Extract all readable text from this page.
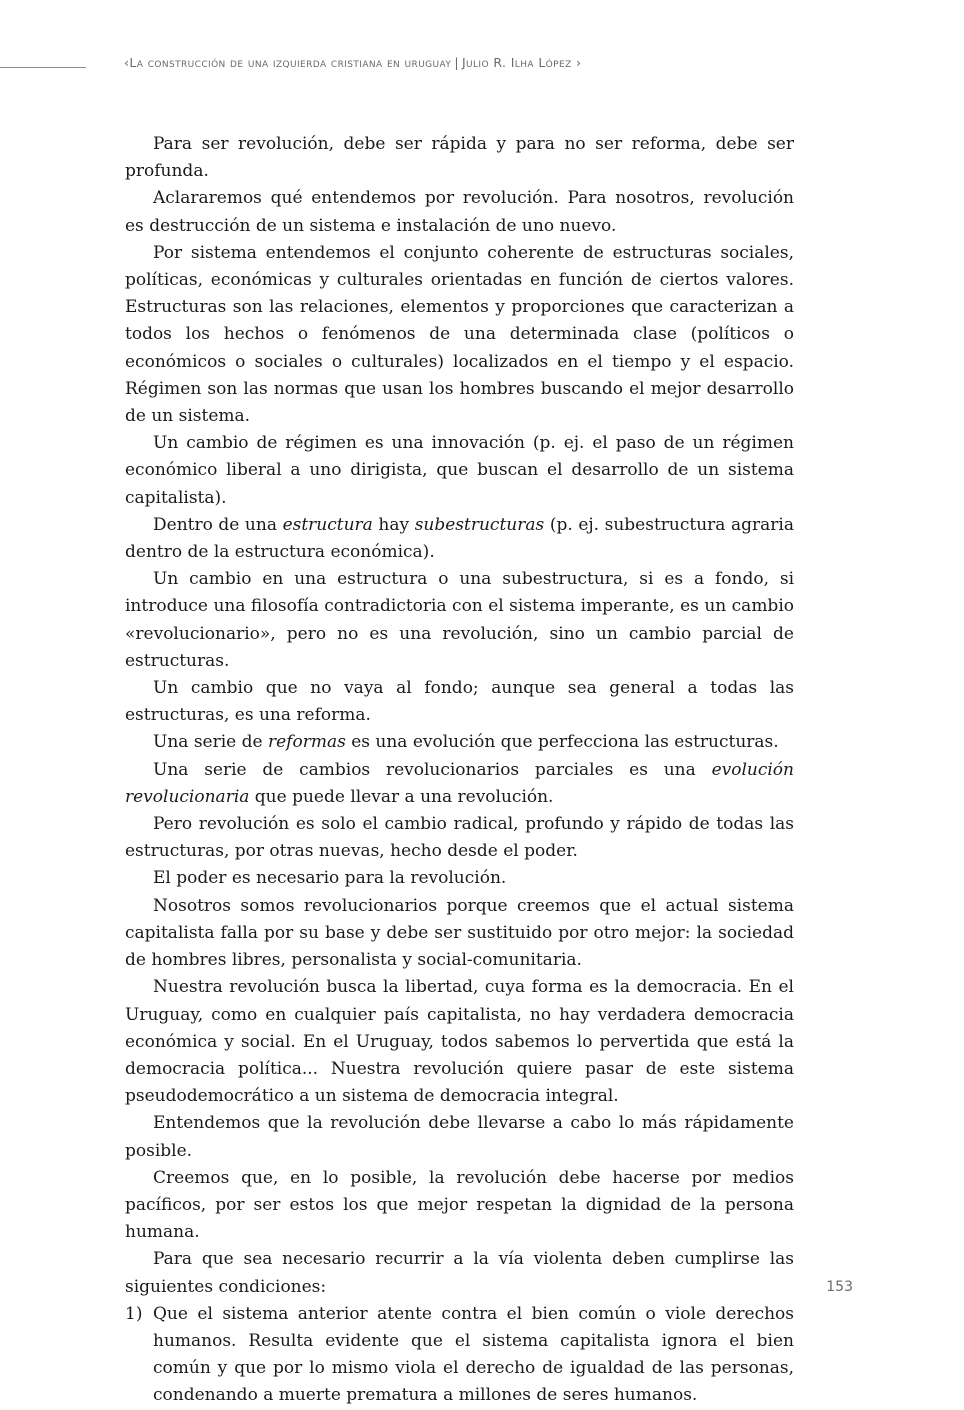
‹La construcción de una izquierda cristiana en uruguay | Julio R. Ilha López ›

Para ser revolución, debe ser rápida y para no ser reforma, debe ser profunda.

Aclararemos qué entendemos por revolución. Para nosotros, revolución es destrucción de un sistema e instalación de uno nuevo.

Por sistema entendemos el conjunto coherente de estructuras sociales, políticas, económicas y culturales orientadas en función de ciertos valores. Estructuras son las relaciones, elementos y proporciones que caracterizan a todos los hechos o fenómenos de una determinada clase (políticos o económicos o sociales o culturales) localizados en el tiempo y el espacio. Régimen son las normas que usan los hombres buscando el mejor desarrollo de un sistema.

Un cambio de régimen es una innovación (p. ej. el paso de un régimen económico liberal a uno dirigista, que buscan el desarrollo de un sistema capitalista).

Dentro de una estructura hay subestructuras (p. ej. subestructura agraria dentro de la estructura económica).

Un cambio en una estructura o una subestructura, si es a fondo, si introduce una filosofía contradictoria con el sistema imperante, es un cambio «revolucionario», pero no es una revolución, sino un cambio parcial de estructuras.

Un cambio que no vaya al fondo; aunque sea general a todas las estructuras, es una reforma.

Una serie de reformas es una evolución que perfecciona las estructuras.

Una serie de cambios revolucionarios parciales es una evolución revolucionaria que puede llevar a una revolución.

Pero revolución es solo el cambio radical, profundo y rápido de todas las estructuras, por otras nuevas, hecho desde el poder.

El poder es necesario para la revolución.

Nosotros somos revolucionarios porque creemos que el actual sistema capitalista falla por su base y debe ser sustituido por otro mejor: la sociedad de hombres libres, personalista y social-comunitaria.

Nuestra revolución busca la libertad, cuya forma es la democracia. En el Uruguay, como en cualquier país capitalista, no hay verdadera democracia económica y social. En el Uruguay, todos sabemos lo pervertida que está la democracia política... Nuestra revolución quiere pasar de este sistema pseudodemocrático a un sistema de democracia integral.

Entendemos que la revolución debe llevarse a cabo lo más rápidamente posible.

Creemos que, en lo posible, la revolución debe hacerse por medios pacíficos, por ser estos los que mejor respetan la dignidad de la persona humana.

Para que sea necesario recurrir a la vía violenta deben cumplirse las siguientes condiciones:

1) Que el sistema anterior atente contra el bien común o viole derechos humanos. Resulta evidente que el sistema capitalista ignora el bien común y que por lo mismo viola el derecho de igualdad de las personas, condenando a muerte prematura a millones de seres humanos.

153
